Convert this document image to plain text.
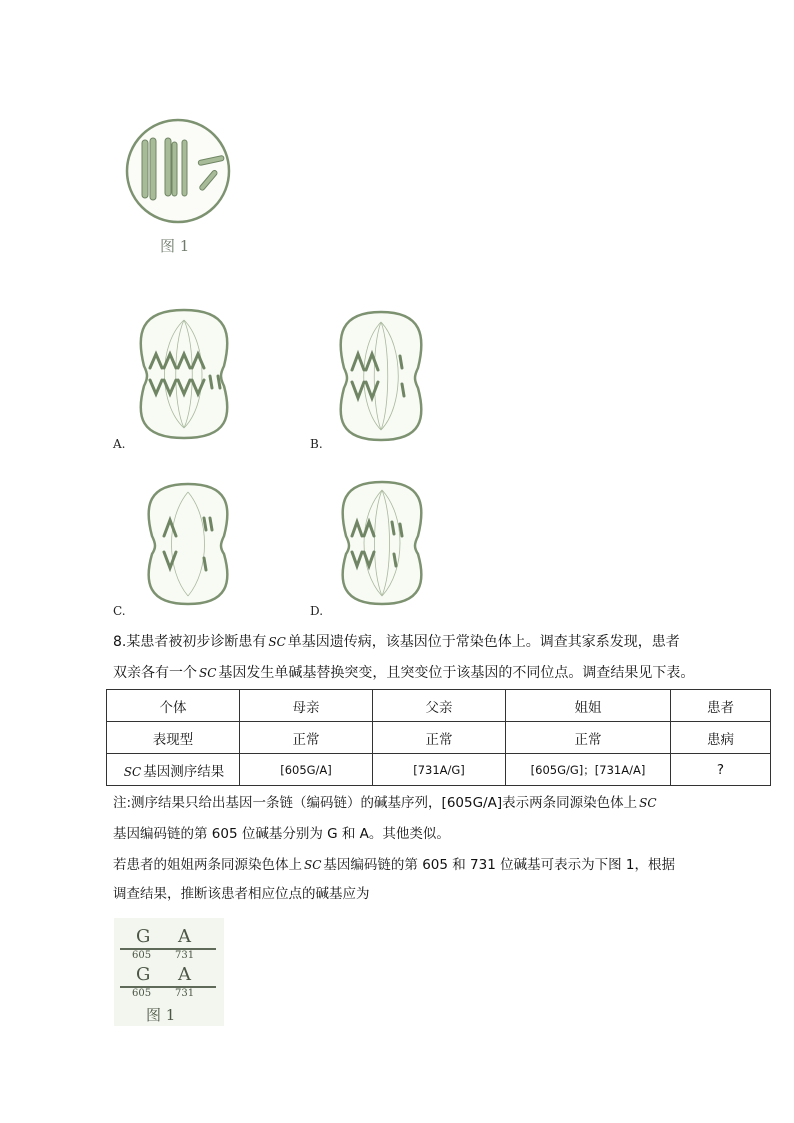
图 1
A.	B.
C.	D.
8.某患者被初步诊断患有 SC 单基因遗传病，该基因位于常染色体上。调查其家系发现，患者
双亲各有一个 SC 基因发生单碱基替换突变，且突变位于该基因的不同位点。调查结果见下表。
个体	母亲	父亲	姐姐	患者
表现型	正常	正常	正常	患病
SC 基因测序结果	[605G/A]	[731A/G]	[605G/G]；[731A/A]	?
注:测序结果只给出基因一条链（编码链）的碱基序列，[605G/A]表示两条同源染色体上 SC
基因编码链的第 605 位碱基分别为 G 和 A。其他类似。
若患者的姐姐两条同源染色体上 SC 基因编码链的第 605 和 731 位碱基可表示为下图 1，根据
调查结果，推断该患者相应位点的碱基应为
G A
605 731
G A
605 731
图 1
